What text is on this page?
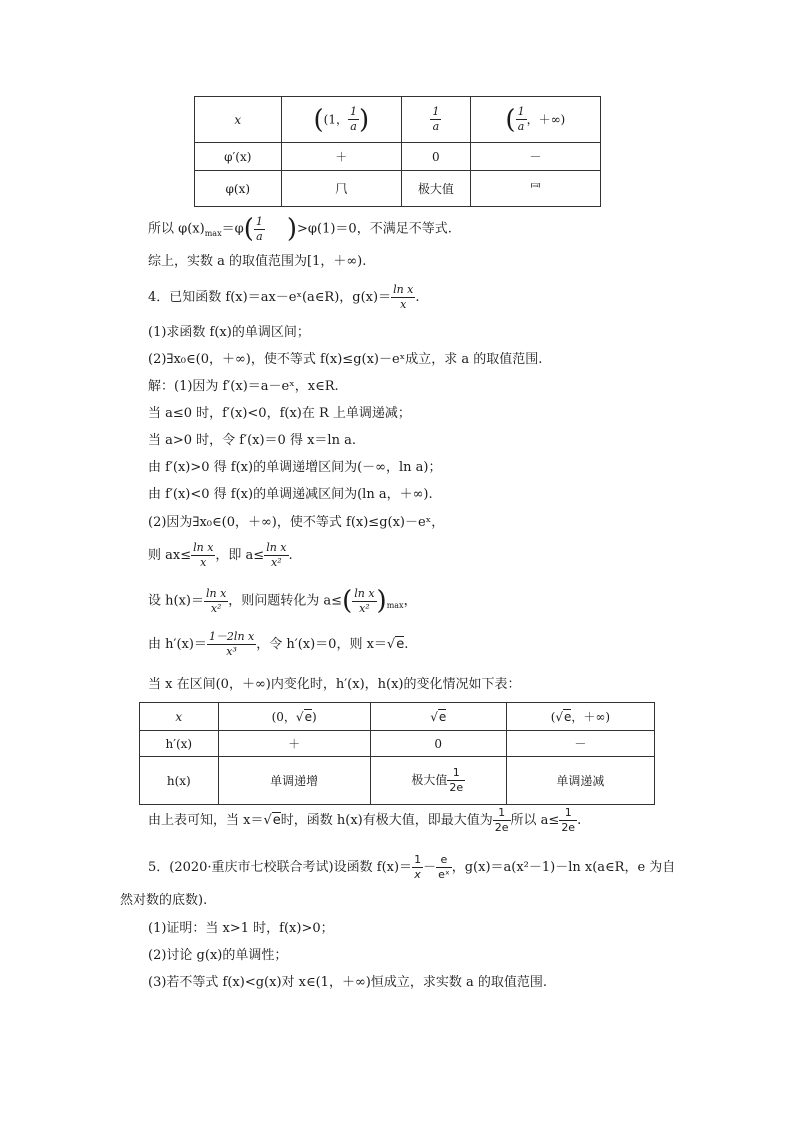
x	((1， $\frac{1}{a}$ )	$\frac{1}{a}$	( $\frac{1}{a}$ ，＋∞)
φ′(x)	＋	0	－
φ(x)	⺇	极大值	⺜
所以 $\varphi(x)_{max}=\varphi( \frac{1}{a} )>\varphi(1)=0$，不满足不等式.
综上，实数 a 的取值范围为[1，＋∞).
4．已知函数 f(x)＝ax－eˣ(a∈R)，$g(x)= \frac{\text{ln x}}{x}$ .
(1)求函数 f(x)的单调区间；
(2)∃x₀∈(0，＋∞)，使不等式 f(x)≤g(x)－eˣ成立，求 a 的取值范围.
解：(1)因为 f′(x)＝a－eˣ，x∈R.
当 a≤0 时，f′(x)<0，f(x)在 R 上单调递减；
当 a>0 时，令 f′(x)＝0 得 x＝ln a.
由 f′(x)>0 得 f(x)的单调递增区间为(－∞，ln a)；
由 f′(x)<0 得 f(x)的单调递减区间为(ln a，＋∞).
(2)因为∃x₀∈(0，＋∞)，使不等式 f(x)≤g(x)－eˣ，
则 $ax\le \frac{\text{ln x}}{x}$ ，即 $a\le \frac{\text{ln x}}{\text{x²}}$ .
设 $h(x)= \frac{\text{ln x}}{\text{x²}}$ ，则问题转化为 $a\le( \frac{\text{ln x}}{\text{x²}} )_{max}$，
由 $h'(x)= \frac{\text{1－2ln x}}{\text{x³}}$ ，令 h′(x)＝0，则 x＝√e.
当 x 在区间(0，＋∞)内变化时，h′(x)，h(x)的变化情况如下表：
x	(0，√e)	√e	(√e，＋∞)
h′(x)	＋	0	－
h(x)	单调递增	极大值 $\frac{1}{2e}$	单调递减
由上表可知，当 x＝√e时，函数 h(x)有极大值，即最大值为 $\frac{1}{2e}$ 所以 $a\le \frac{1}{2e}$ .
5．(2020·重庆市七校联合考试)设函数 $f(x)= \frac{1}{x} - \frac{e}{\text{eˣ}}$ ，g(x)＝a(x²－1)－ln x(a∈R，e 为自
然对数的底数).
(1)证明：当 x>1 时，f(x)>0；
(2)讨论 g(x)的单调性；
(3)若不等式 f(x)<g(x)对 x∈(1，＋∞)恒成立，求实数 a 的取值范围.
